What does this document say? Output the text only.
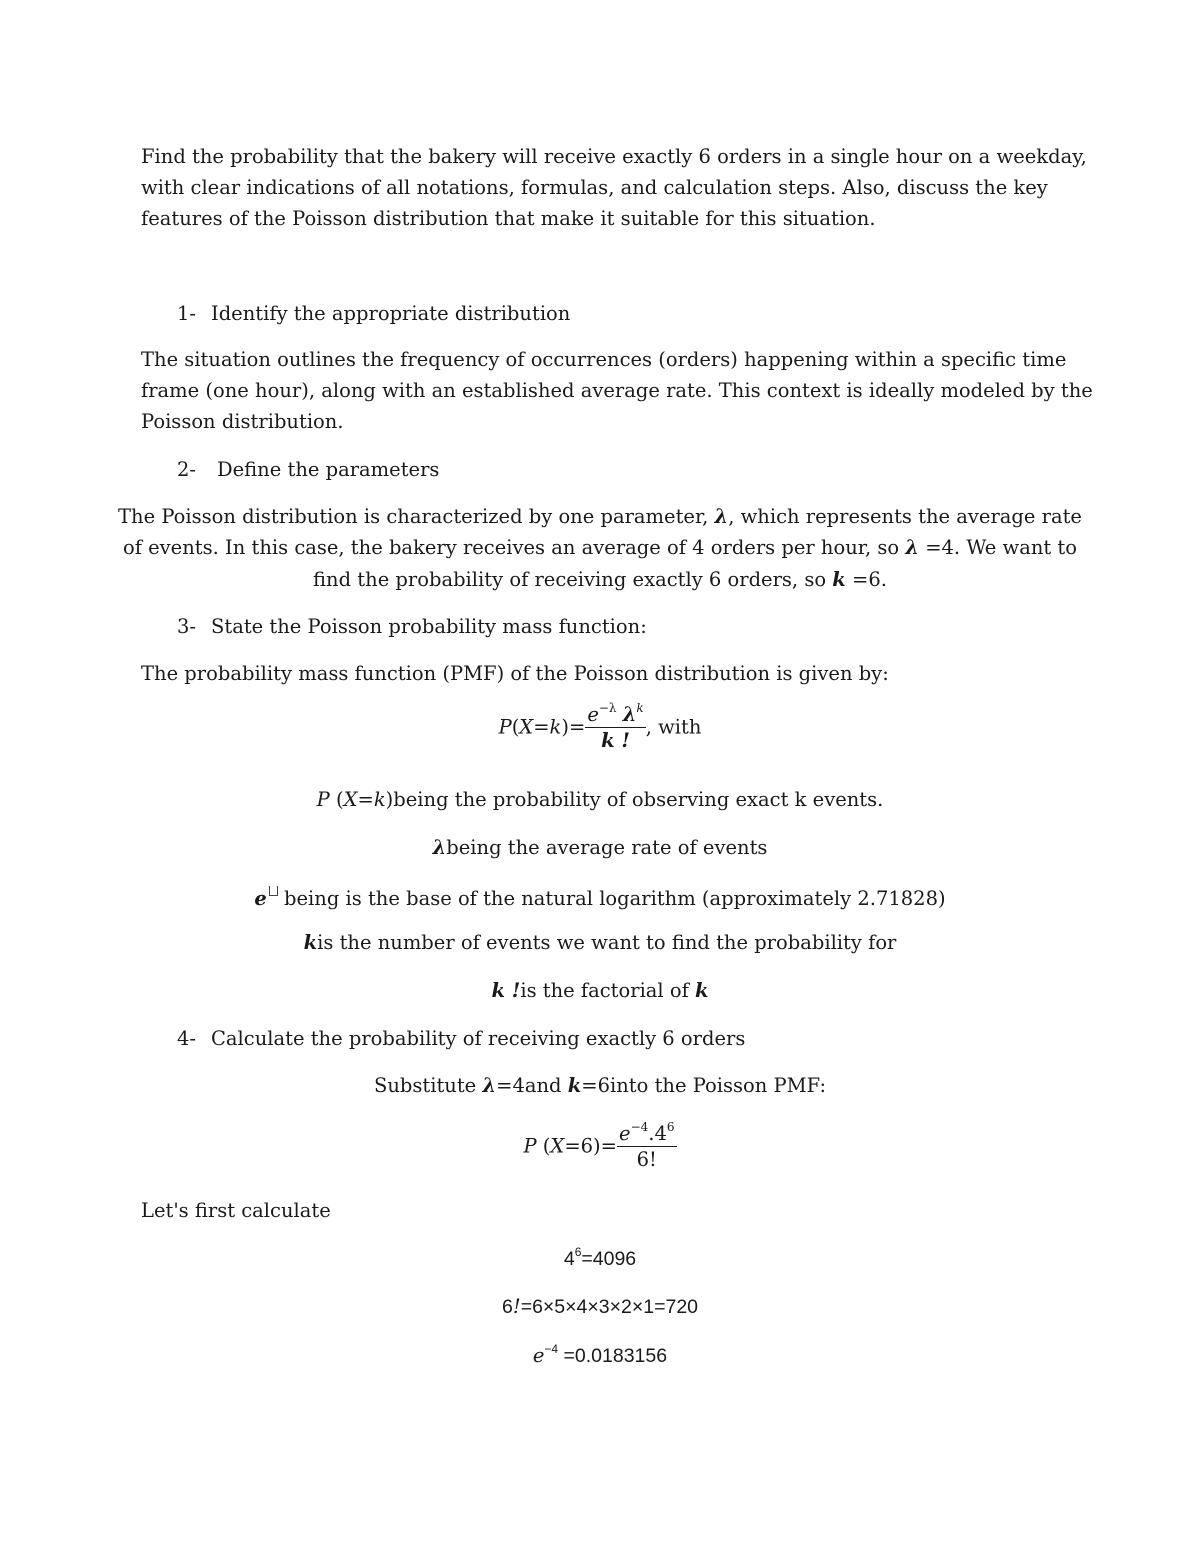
Find the probability that the bakery will receive exactly 6 orders in a single hour on a weekday,
with clear indications of all notations, formulas, and calculation steps. Also, discuss the key
features of the Poisson distribution that make it suitable for this situation.
1- Identify the appropriate distribution
The situation outlines the frequency of occurrences (orders) happening within a specific time
frame (one hour), along with an established average rate. This context is ideally modeled by the
Poisson distribution.
2- Define the parameters
The Poisson distribution is characterized by one parameter, λ, which represents the average rate
of events. In this case, the bakery receives an average of 4 orders per hour, so λ =4. We want to
find the probability of receiving exactly 6 orders, so k =6.
3- State the Poisson probability mass function:
The probability mass function (PMF) of the Poisson distribution is given by:
$P(X=k)= \frac{e^{-\lambda} \lambda^k}{k !}$ , with
P (X=k)being the probability of observing exact k events.
λbeing the average rate of events
e being is the base of the natural logarithm (approximately 2.71828)
kis the number of events we want to find the probability for
k !is the factorial of k
4- Calculate the probability of receiving exactly 6 orders
Substitute λ=4and k=6into the Poisson PMF:
P $(X=6)= \frac{e^{-4}.4^6}{6!}$
Let's first calculate
$4^6=4096$
6!=6×5×4×3×2×1=720
$e^{-4} =0.0183156$
